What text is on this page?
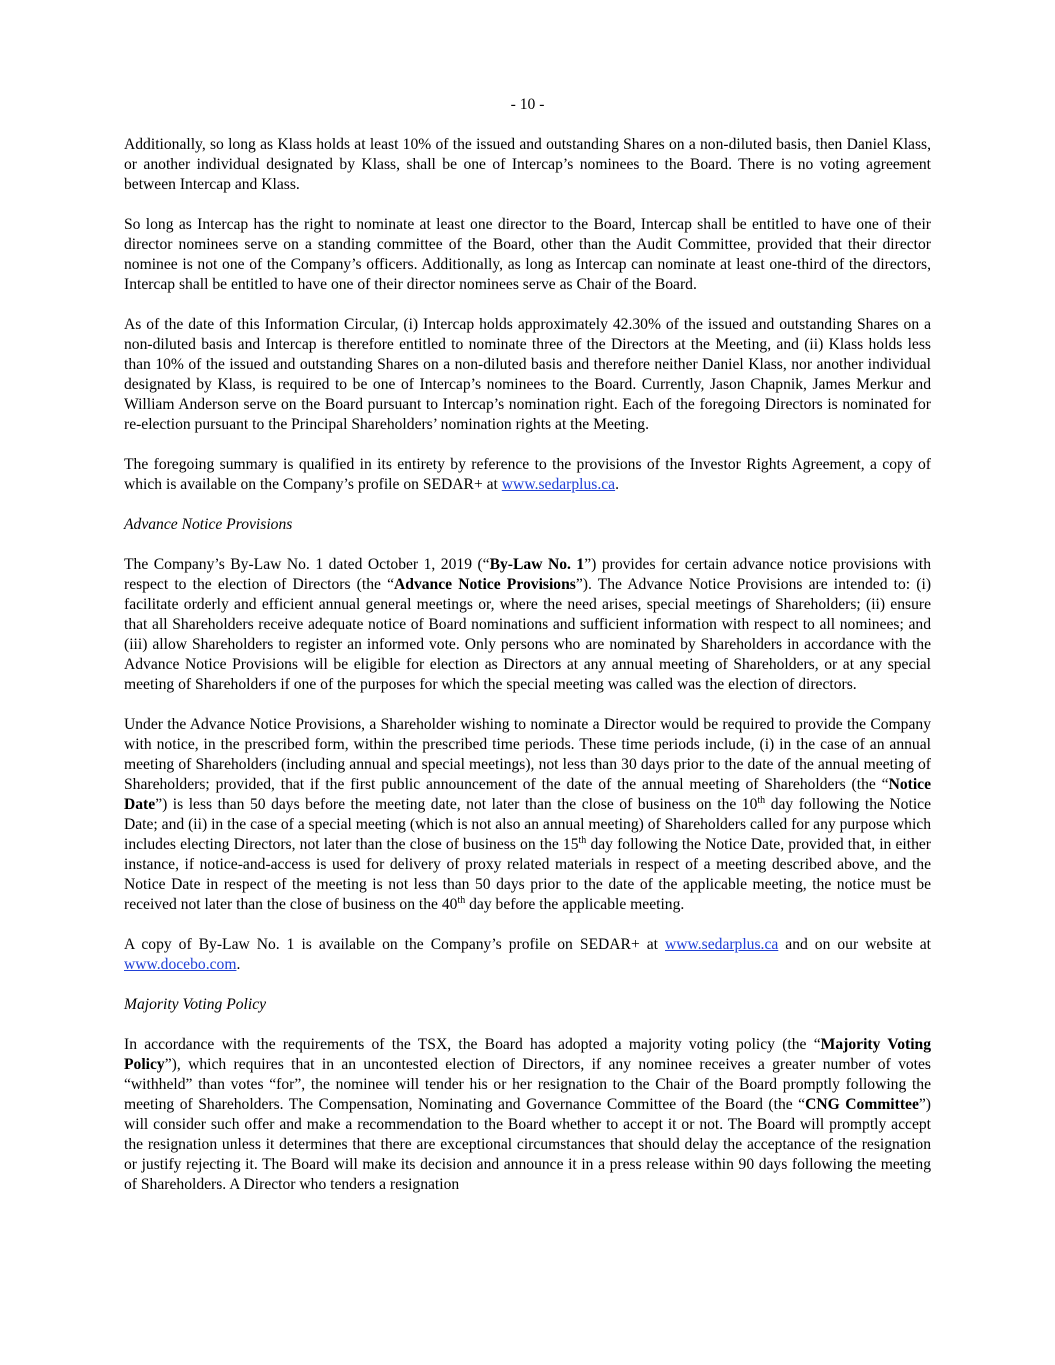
- 10 -

Additionally, so long as Klass holds at least 10% of the issued and outstanding Shares on a non-diluted basis, then Daniel Klass, or another individual designated by Klass, shall be one of Intercap’s nominees to the Board. There is no voting agreement between Intercap and Klass.

So long as Intercap has the right to nominate at least one director to the Board, Intercap shall be entitled to have one of their director nominees serve on a standing committee of the Board, other than the Audit Committee, provided that their director nominee is not one of the Company’s officers. Additionally, as long as Intercap can nominate at least one-third of the directors, Intercap shall be entitled to have one of their director nominees serve as Chair of the Board.

As of the date of this Information Circular, (i) Intercap holds approximately 42.30% of the issued and outstanding Shares on a non-diluted basis and Intercap is therefore entitled to nominate three of the Directors at the Meeting, and (ii) Klass holds less than 10% of the issued and outstanding Shares on a non-diluted basis and therefore neither Daniel Klass, nor another individual designated by Klass, is required to be one of Intercap’s nominees to the Board. Currently, Jason Chapnik, James Merkur and William Anderson serve on the Board pursuant to Intercap’s nomination right. Each of the foregoing Directors is nominated for re-election pursuant to the Principal Shareholders’ nomination rights at the Meeting.

The foregoing summary is qualified in its entirety by reference to the provisions of the Investor Rights Agreement, a copy of which is available on the Company’s profile on SEDAR+ at www.sedarplus.ca.

Advance Notice Provisions

The Company’s By-Law No. 1 dated October 1, 2019 (“By-Law No. 1”) provides for certain advance notice provisions with respect to the election of Directors (the “Advance Notice Provisions”). The Advance Notice Provisions are intended to: (i) facilitate orderly and efficient annual general meetings or, where the need arises, special meetings of Shareholders; (ii) ensure that all Shareholders receive adequate notice of Board nominations and sufficient information with respect to all nominees; and (iii) allow Shareholders to register an informed vote. Only persons who are nominated by Shareholders in accordance with the Advance Notice Provisions will be eligible for election as Directors at any annual meeting of Shareholders, or at any special meeting of Shareholders if one of the purposes for which the special meeting was called was the election of directors.

Under the Advance Notice Provisions, a Shareholder wishing to nominate a Director would be required to provide the Company with notice, in the prescribed form, within the prescribed time periods. These time periods include, (i) in the case of an annual meeting of Shareholders (including annual and special meetings), not less than 30 days prior to the date of the annual meeting of Shareholders; provided, that if the first public announcement of the date of the annual meeting of Shareholders (the “Notice Date”) is less than 50 days before the meeting date, not later than the close of business on the 10th day following the Notice Date; and (ii) in the case of a special meeting (which is not also an annual meeting) of Shareholders called for any purpose which includes electing Directors, not later than the close of business on the 15th day following the Notice Date, provided that, in either instance, if notice-and-access is used for delivery of proxy related materials in respect of a meeting described above, and the Notice Date in respect of the meeting is not less than 50 days prior to the date of the applicable meeting, the notice must be received not later than the close of business on the 40th day before the applicable meeting.

A copy of By-Law No. 1 is available on the Company’s profile on SEDAR+ at www.sedarplus.ca and on our website at www.docebo.com.

Majority Voting Policy

In accordance with the requirements of the TSX, the Board has adopted a majority voting policy (the “Majority Voting Policy”), which requires that in an uncontested election of Directors, if any nominee receives a greater number of votes “withheld” than votes “for”, the nominee will tender his or her resignation to the Chair of the Board promptly following the meeting of Shareholders. The Compensation, Nominating and Governance Committee of the Board (the “CNG Committee”) will consider such offer and make a recommendation to the Board whether to accept it or not. The Board will promptly accept the resignation unless it determines that there are exceptional circumstances that should delay the acceptance of the resignation or justify rejecting it. The Board will make its decision and announce it in a press release within 90 days following the meeting of Shareholders. A Director who tenders a resignation
